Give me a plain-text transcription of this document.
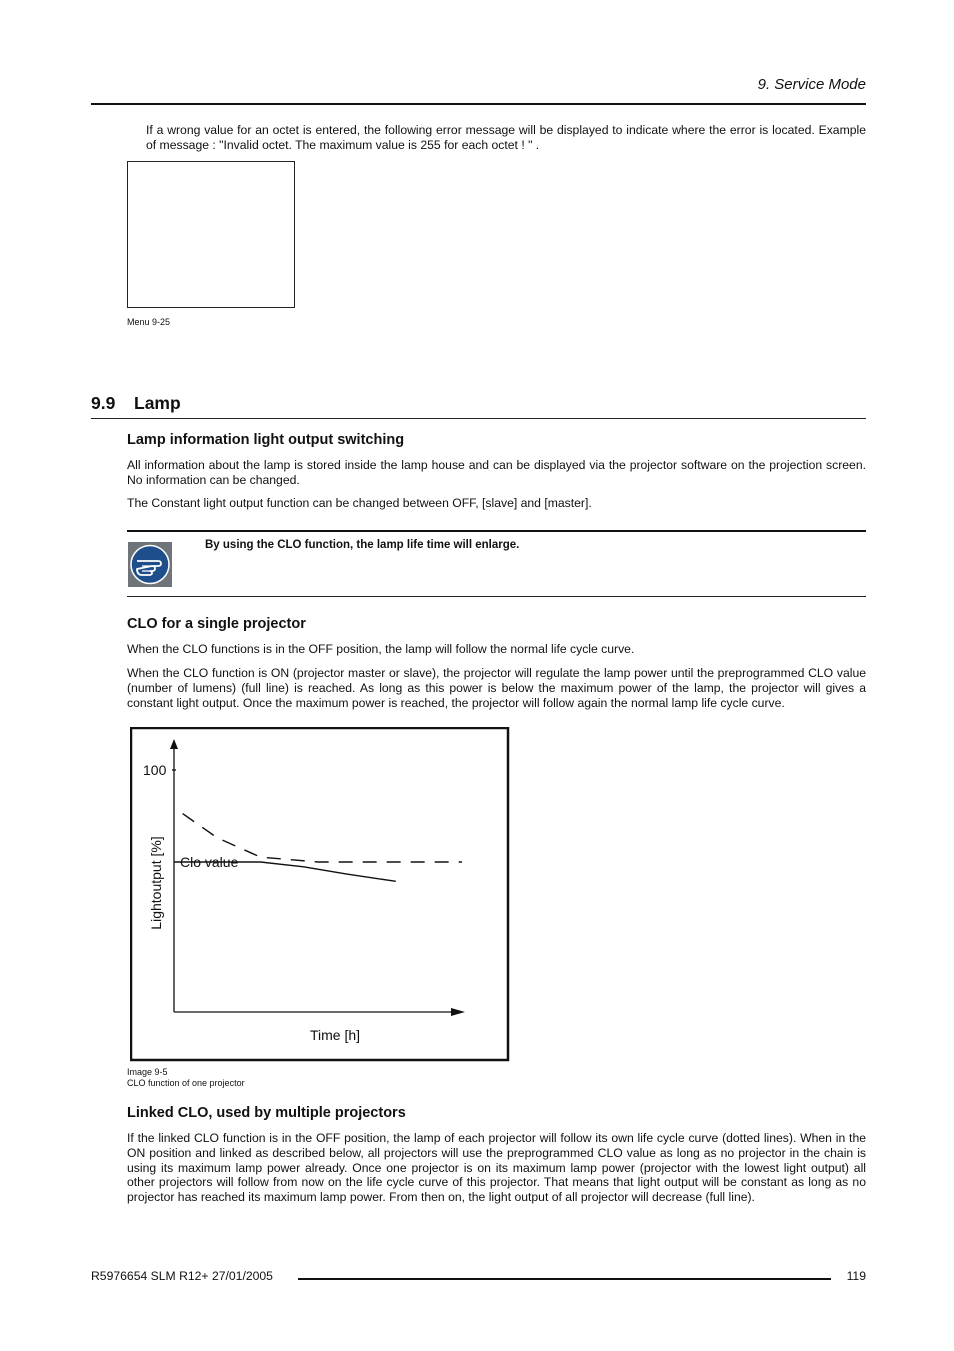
9. Service Mode

If a wrong value for an octet is entered, the following error message will be displayed to indicate where the error is located. Example of message : "Invalid octet. The maximum value is 255 for each octet ! " .

Menu 9-25
9.9 Lamp
Lamp information light output switching

All information about the lamp is stored inside the lamp house and can be displayed via the projector software on the projection screen. No information can be changed.

The Constant light output function can be changed between OFF, [slave] and [master].

By using the CLO function, the lamp life time will enlarge.
CLO for a single projector

When the CLO functions is in the OFF position, the lamp will follow the normal life cycle curve.

When the CLO function is ON (projector master or slave), the projector will regulate the lamp power until the preprogrammed CLO value (number of lumens) (full line) is reached. As long as this power is below the maximum power of the lamp, the projector will gives a constant light output. Once the maximum power is reached, the projector will follow again the normal lamp life cycle curve.

100
Clo value
Lightoutput [%]
Time [h]
Image 9-5
CLO function of one projector
Linked CLO, used by multiple projectors

If the linked CLO function is in the OFF position, the lamp of each projector will follow its own life cycle curve (dotted lines). When in the ON position and linked as described below, all projectors will use the preprogrammed CLO value as long as no projector in the chain is using its maximum lamp power already. Once one projector is on its maximum lamp power (projector with the lowest light output) all other projectors will follow from now on the life cycle curve of this projector. That means that light output will be constant as long as no projector has reached its maximum lamp power. From then on, the light output of all projector will decrease (full line).

R5976654 SLM R12+ 27/01/2005	119
